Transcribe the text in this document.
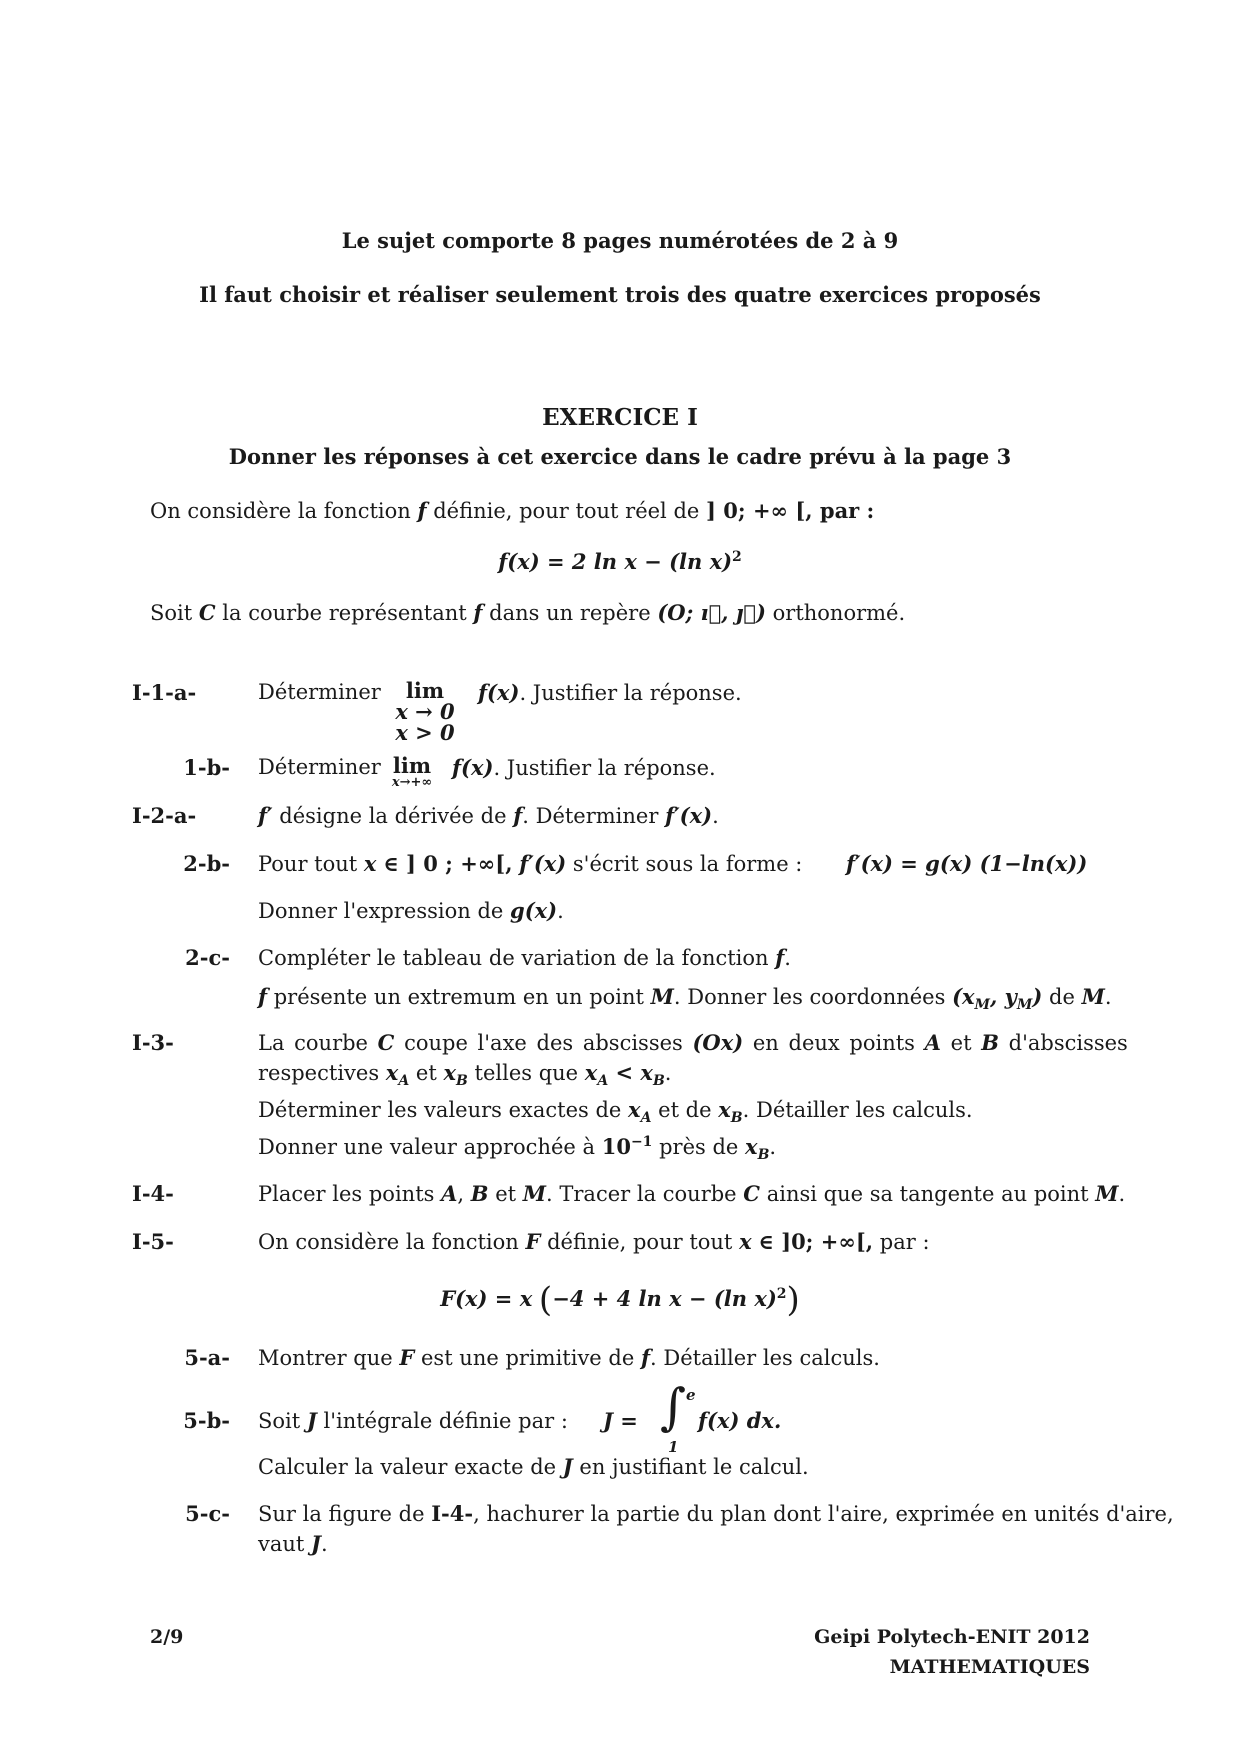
Le sujet comporte 8 pages numérotées de 2 à 9
Il faut choisir et réaliser seulement trois des quatre exercices proposés
EXERCICE I
Donner les réponses à cet exercice dans le cadre prévu à la page 3
On considère la fonction f définie, pour tout réel de ] 0; +∞ [, par :
f(x) = 2 ln x − (ln x)$^2$
Soit C la courbe représentant f dans un repère (O; ı⃗, ȷ⃗) orthonormé.
I-1-a-	Déterminer	lim
x → 0
x > 0
f(x). Justifier la réponse.
1-b- Déterminer lim
x→+∞
f(x). Justifier la réponse.
I-2-a-	f′ désigne la dérivée de f. Déterminer f′(x).
2-b- Pour tout x ∈ ] 0 ; +∞[, f′(x) s'écrit sous la forme : f′(x) = g(x) (1−ln(x))
Donner l'expression de g(x).
2-c- Compléter le tableau de variation de la fonction f.
f présente un extremum en un point M. Donner les coordonnées ($x_M$, $y_M$) de M.
I-3-	La courbe C coupe l'axe des abscisses (Ox) en deux points A et B d'abscisses
respectives $x_A$ et $x_B$ telles que $x_A < x_B$.
Déterminer les valeurs exactes de $x_A$ et de $x_B$. Détailler les calculs.
Donner une valeur approchée à $10^{-1}$ près de $x_B$.
I-4-	Placer les points A, B et M. Tracer la courbe C ainsi que sa tangente au point M.
I-5-	On considère la fonction F définie, pour tout x ∈ ]0; +∞[, par :
F(x) = x (−4 + 4 ln x − (ln x)$^2$)
5-a- Montrer que F est une primitive de f. Détailler les calculs.
5-b- Soit J l'intégrale définie par : J = ∫ e
1
f(x) dx.
Calculer la valeur exacte de J en justifiant le calcul.
5-c- Sur la figure de I-4-, hachurer la partie du plan dont l'aire, exprimée en unités d'aire,
vaut J.
2/9	Geipi Polytech-ENIT 2012
MATHEMATIQUES
